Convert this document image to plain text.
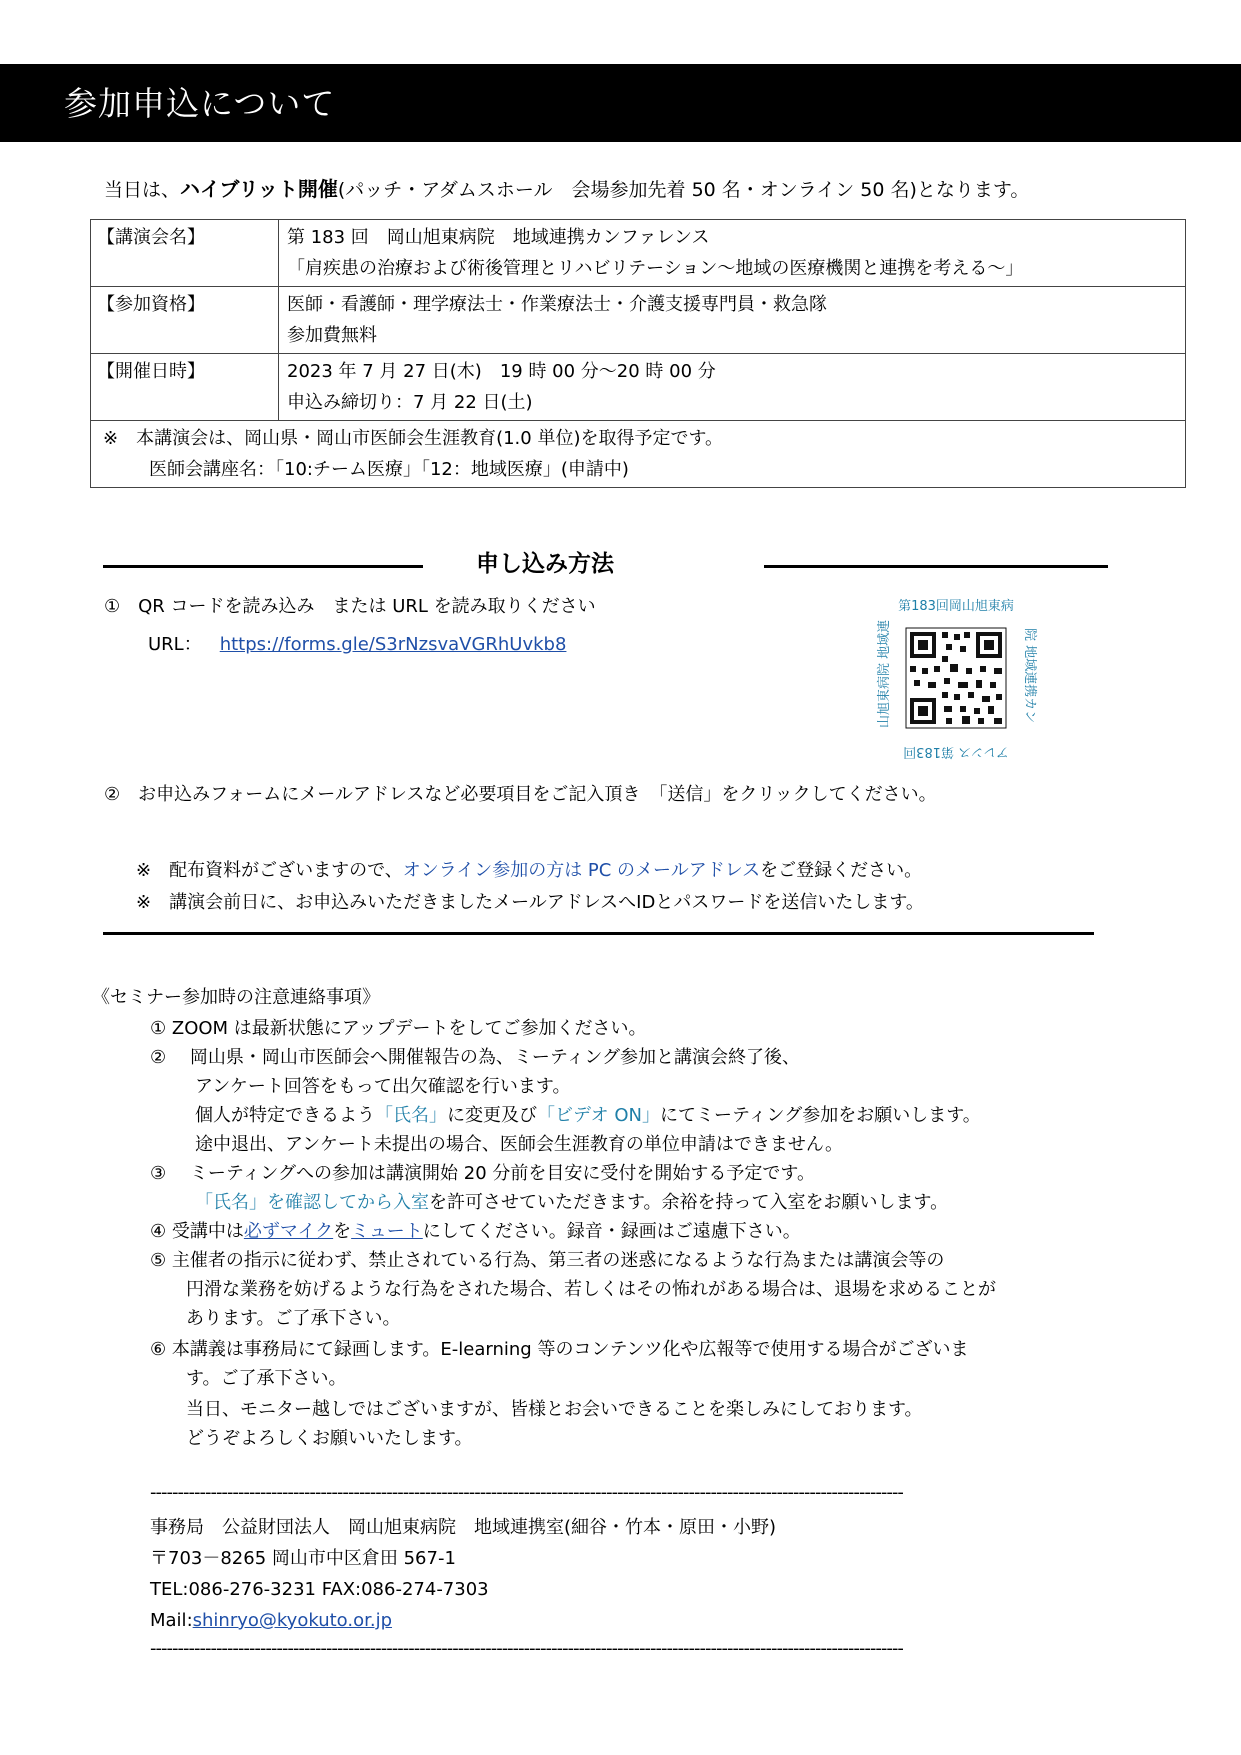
参加申込について
当日は、ハイブリット開催(パッチ・アダムスホール　会場参加先着 50 名・オンライン 50 名)となります。
【講演会名】	第 183 回　岡山旭東病院　地域連携カンファレンス
「肩疾患の治療および術後管理とリハビリテーション～地域の医療機関と連携を考える～」

【参加資格】	医師・看護師・理学療法士・作業療法士・介護支援専門員・救急隊
参加費無料

【開催日時】	2023 年 7 月 27 日(木)　19 時 00 分～20 時 00 分
申込み締切り：7 月 22 日(土)

※　本講演会は、岡山県・岡山市医師会生涯教育(1.0 単位)を取得予定です。
医師会講座名：「10:チーム医療」「12：地域医療」(申請中)	
申し込み方法
①　QR コードを読み込み　または URL を読み取りください
URL： https://forms.gle/S3rNzsvaVGRhUvkb8
第183回岡山旭東病
アレンス 第183回
院 地域連携カン
山旭東病院 地域連
②　お申込みフォームにメールアドレスなど必要項目をご記入頂き　「送信」をクリックしてください。
※　配布資料がございますので、オンライン参加の方は PC のメールアドレスをご登録ください。
※　講演会前日に、お申込みいただきましたメールアドレスへIDとパスワードを送信いたします。
《セミナー参加時の注意連絡事項》
① ZOOM は最新状態にアップデートをしてご参加ください。
②　 岡山県・岡山市医師会へ開催報告の為、ミーティング参加と講演会終了後、
アンケート回答をもって出欠確認を行います。
個人が特定できるよう「氏名」に変更及び「ビデオ ON」にてミーティング参加をお願いします。
途中退出、アンケート未提出の場合、医師会生涯教育の単位申請はできません。
③　 ミーティングへの参加は講演開始 20 分前を目安に受付を開始する予定です。
「氏名」を確認してから入室を許可させていただきます。余裕を持って入室をお願いします。
④ 受講中は必ずマイクをミュートにしてください。録音・録画はご遠慮下さい。
⑤ 主催者の指示に従わず、禁止されている行為、第三者の迷惑になるような行為または講演会等の
円滑な業務を妨げるような行為をされた場合、若しくはその怖れがある場合は、退場を求めることが
あります。ご了承下さい。
⑥ 本講義は事務局にて録画します。E-learning 等のコンテンツ化や広報等で使用する場合がございま
す。ご了承下さい。
当日、モニター越しではございますが、皆様とお会いできることを楽しみにしております。
どうぞよろしくお願いいたします。
-----------------------------------------------------------------------------------------------------------------------------------------
事務局　公益財団法人　岡山旭東病院　地域連携室(細谷・竹本・原田・小野)
〒703－8265 岡山市中区倉田 567-1
TEL:086-276-3231 FAX:086-274-7303
Mail:shinryo@kyokuto.or.jp
-----------------------------------------------------------------------------------------------------------------------------------------
